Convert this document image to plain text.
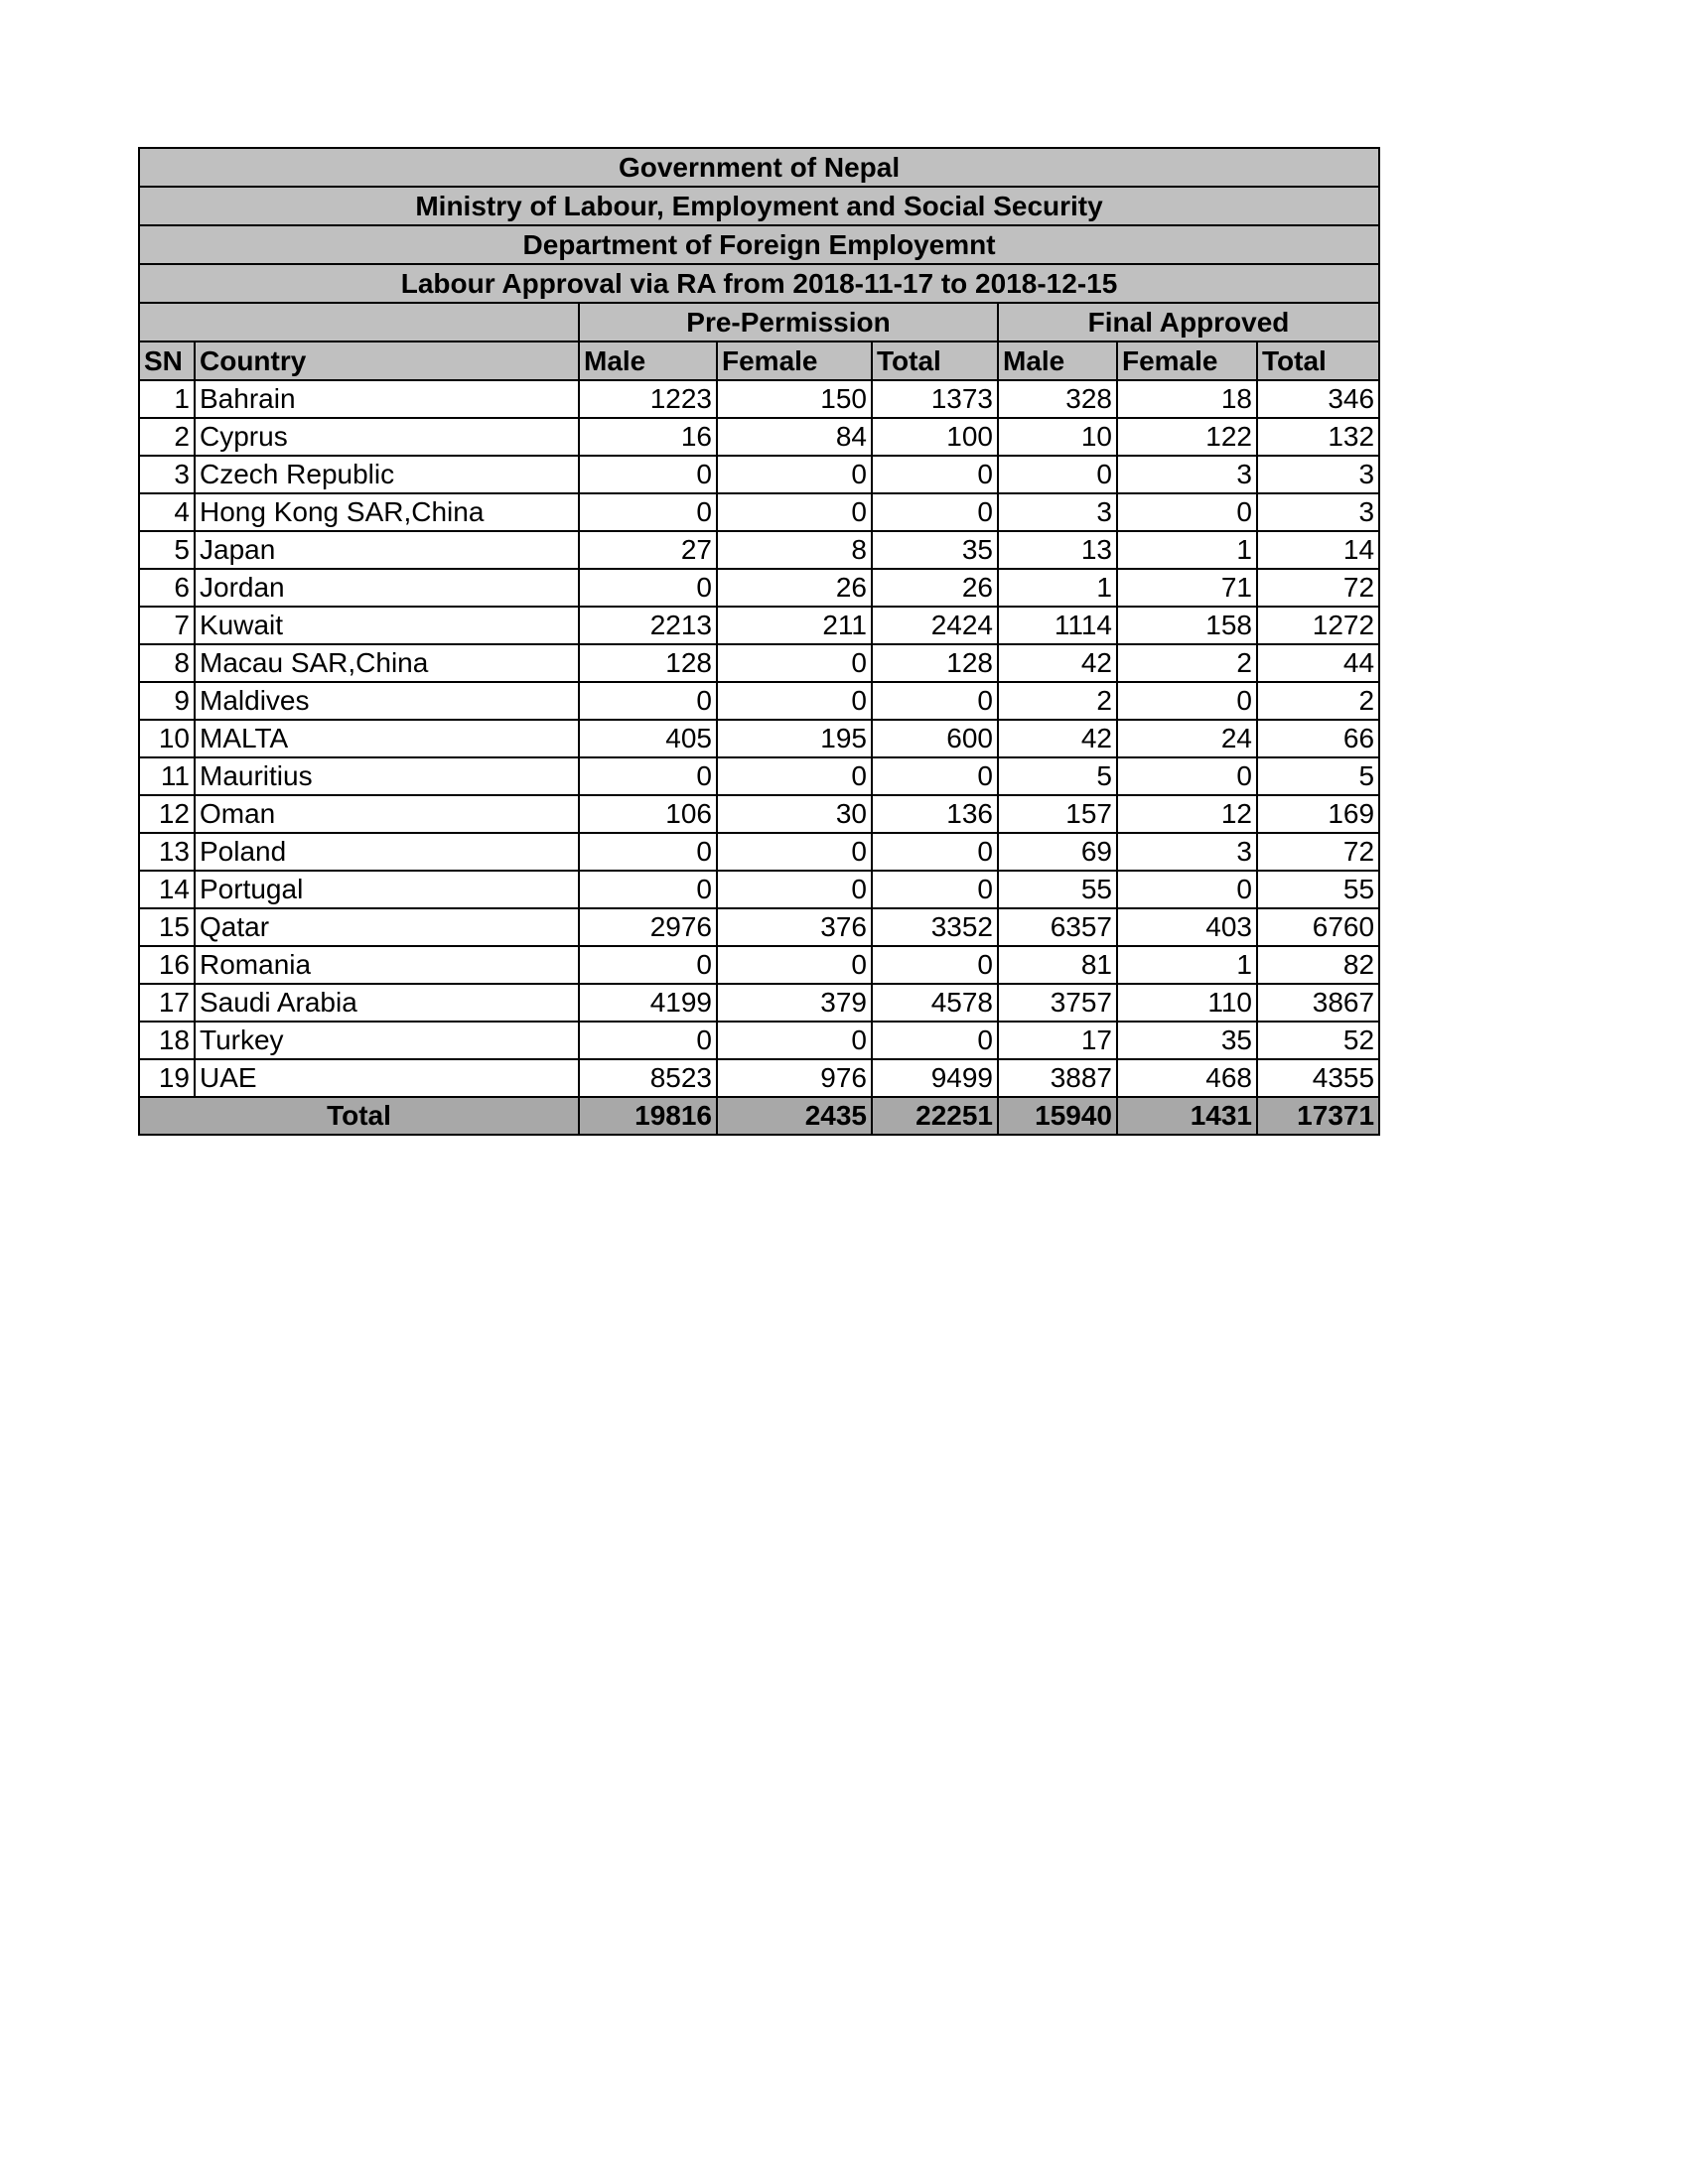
Government of Nepal							
Ministry of Labour, Employment and Social Security							
Department of Foreign Employemnt							
Labour Approval via RA from 2018-11-17 to 2018-12-15							
		Pre-Permission			Final Approved		
SN	Country	Male	Female	Total	Male	Female	Total
1	Bahrain	1223	150	1373	328	18	346
2	Cyprus	16	84	100	10	122	132
3	Czech Republic	0	0	0	0	3	3
4	Hong Kong SAR,China	0	0	0	3	0	3
5	Japan	27	8	35	13	1	14
6	Jordan	0	26	26	1	71	72
7	Kuwait	2213	211	2424	1114	158	1272
8	Macau SAR,China	128	0	128	42	2	44
9	Maldives	0	0	0	2	0	2
10	MALTA	405	195	600	42	24	66
11	Mauritius	0	0	0	5	0	5
12	Oman	106	30	136	157	12	169
13	Poland	0	0	0	69	3	72
14	Portugal	0	0	0	55	0	55
15	Qatar	2976	376	3352	6357	403	6760
16	Romania	0	0	0	81	1	82
17	Saudi Arabia	4199	379	4578	3757	110	3867
18	Turkey	0	0	0	17	35	52
19	UAE	8523	976	9499	3887	468	4355
Total		19816	2435	22251	15940	1431	17371
